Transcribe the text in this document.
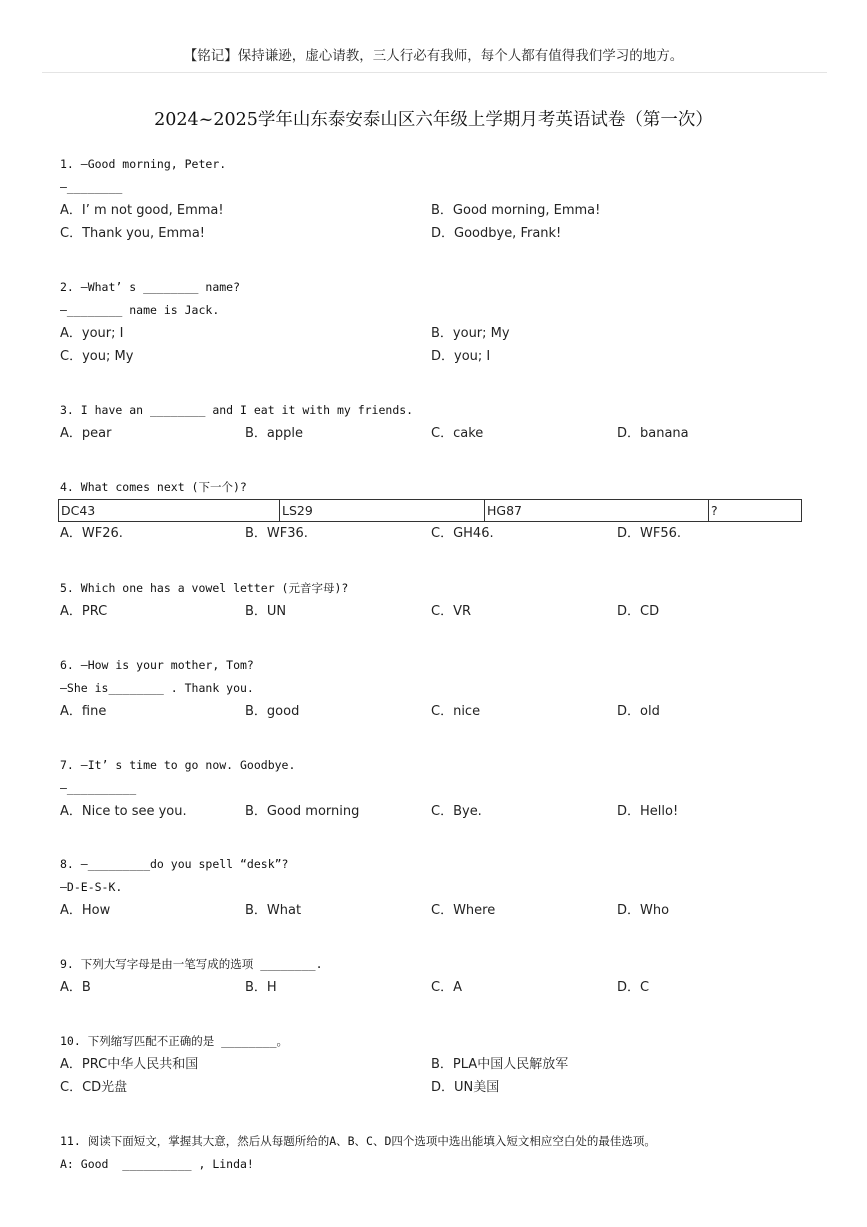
【铭记】保持谦逊，虚心请教，三人行必有我师，每个人都有值得我们学习的地方。
2024~2025学年山东泰安泰山区六年级上学期月考英语试卷（第一次）
1. —Good morning, Peter.
—________
A．I’ m not good, Emma!	B．Good morning, Emma!
C．Thank you, Emma!	D．Goodbye, Frank!
2. —What’ s ________ name?
—________ name is Jack.
A．your; I	B．your; My
C．you; My	D．you; I
3. I have an ________ and I eat it with my friends.
A．pear	B．apple	C．cake	D．banana
4. What comes next (下一个)?
DC43	LS29	HG87	?
A．WF26.	B．WF36.	C．GH46.	D．WF56.
5. Which one has a vowel letter (元音字母)?
A．PRC	B．UN	C．VR	D．CD
6. —How is your mother, Tom?
—She is________ . Thank you.
A．fine	B．good	C．nice	D．old
7. —It’ s time to go now. Goodbye.
—__________
A．Nice to see you.	B．Good morning	C．Bye.	D．Hello!
8. —_________do you spell “desk”?
—D-E-S-K.
A．How	B．What	C．Where	D．Who
9. 下列大写字母是由一笔写成的选项 ________.
A．B	B．H	C．A	D．C
10. 下列缩写匹配不正确的是 ________。
A．PRC中华人民共和国	B．PLA中国人民解放军
C．CD光盘	D．UN美国
11. 阅读下面短文，掌握其大意，然后从每题所给的A、B、C、D四个选项中选出能填入短文相应空白处的最佳选项。
A: Good  __________ , Linda!
